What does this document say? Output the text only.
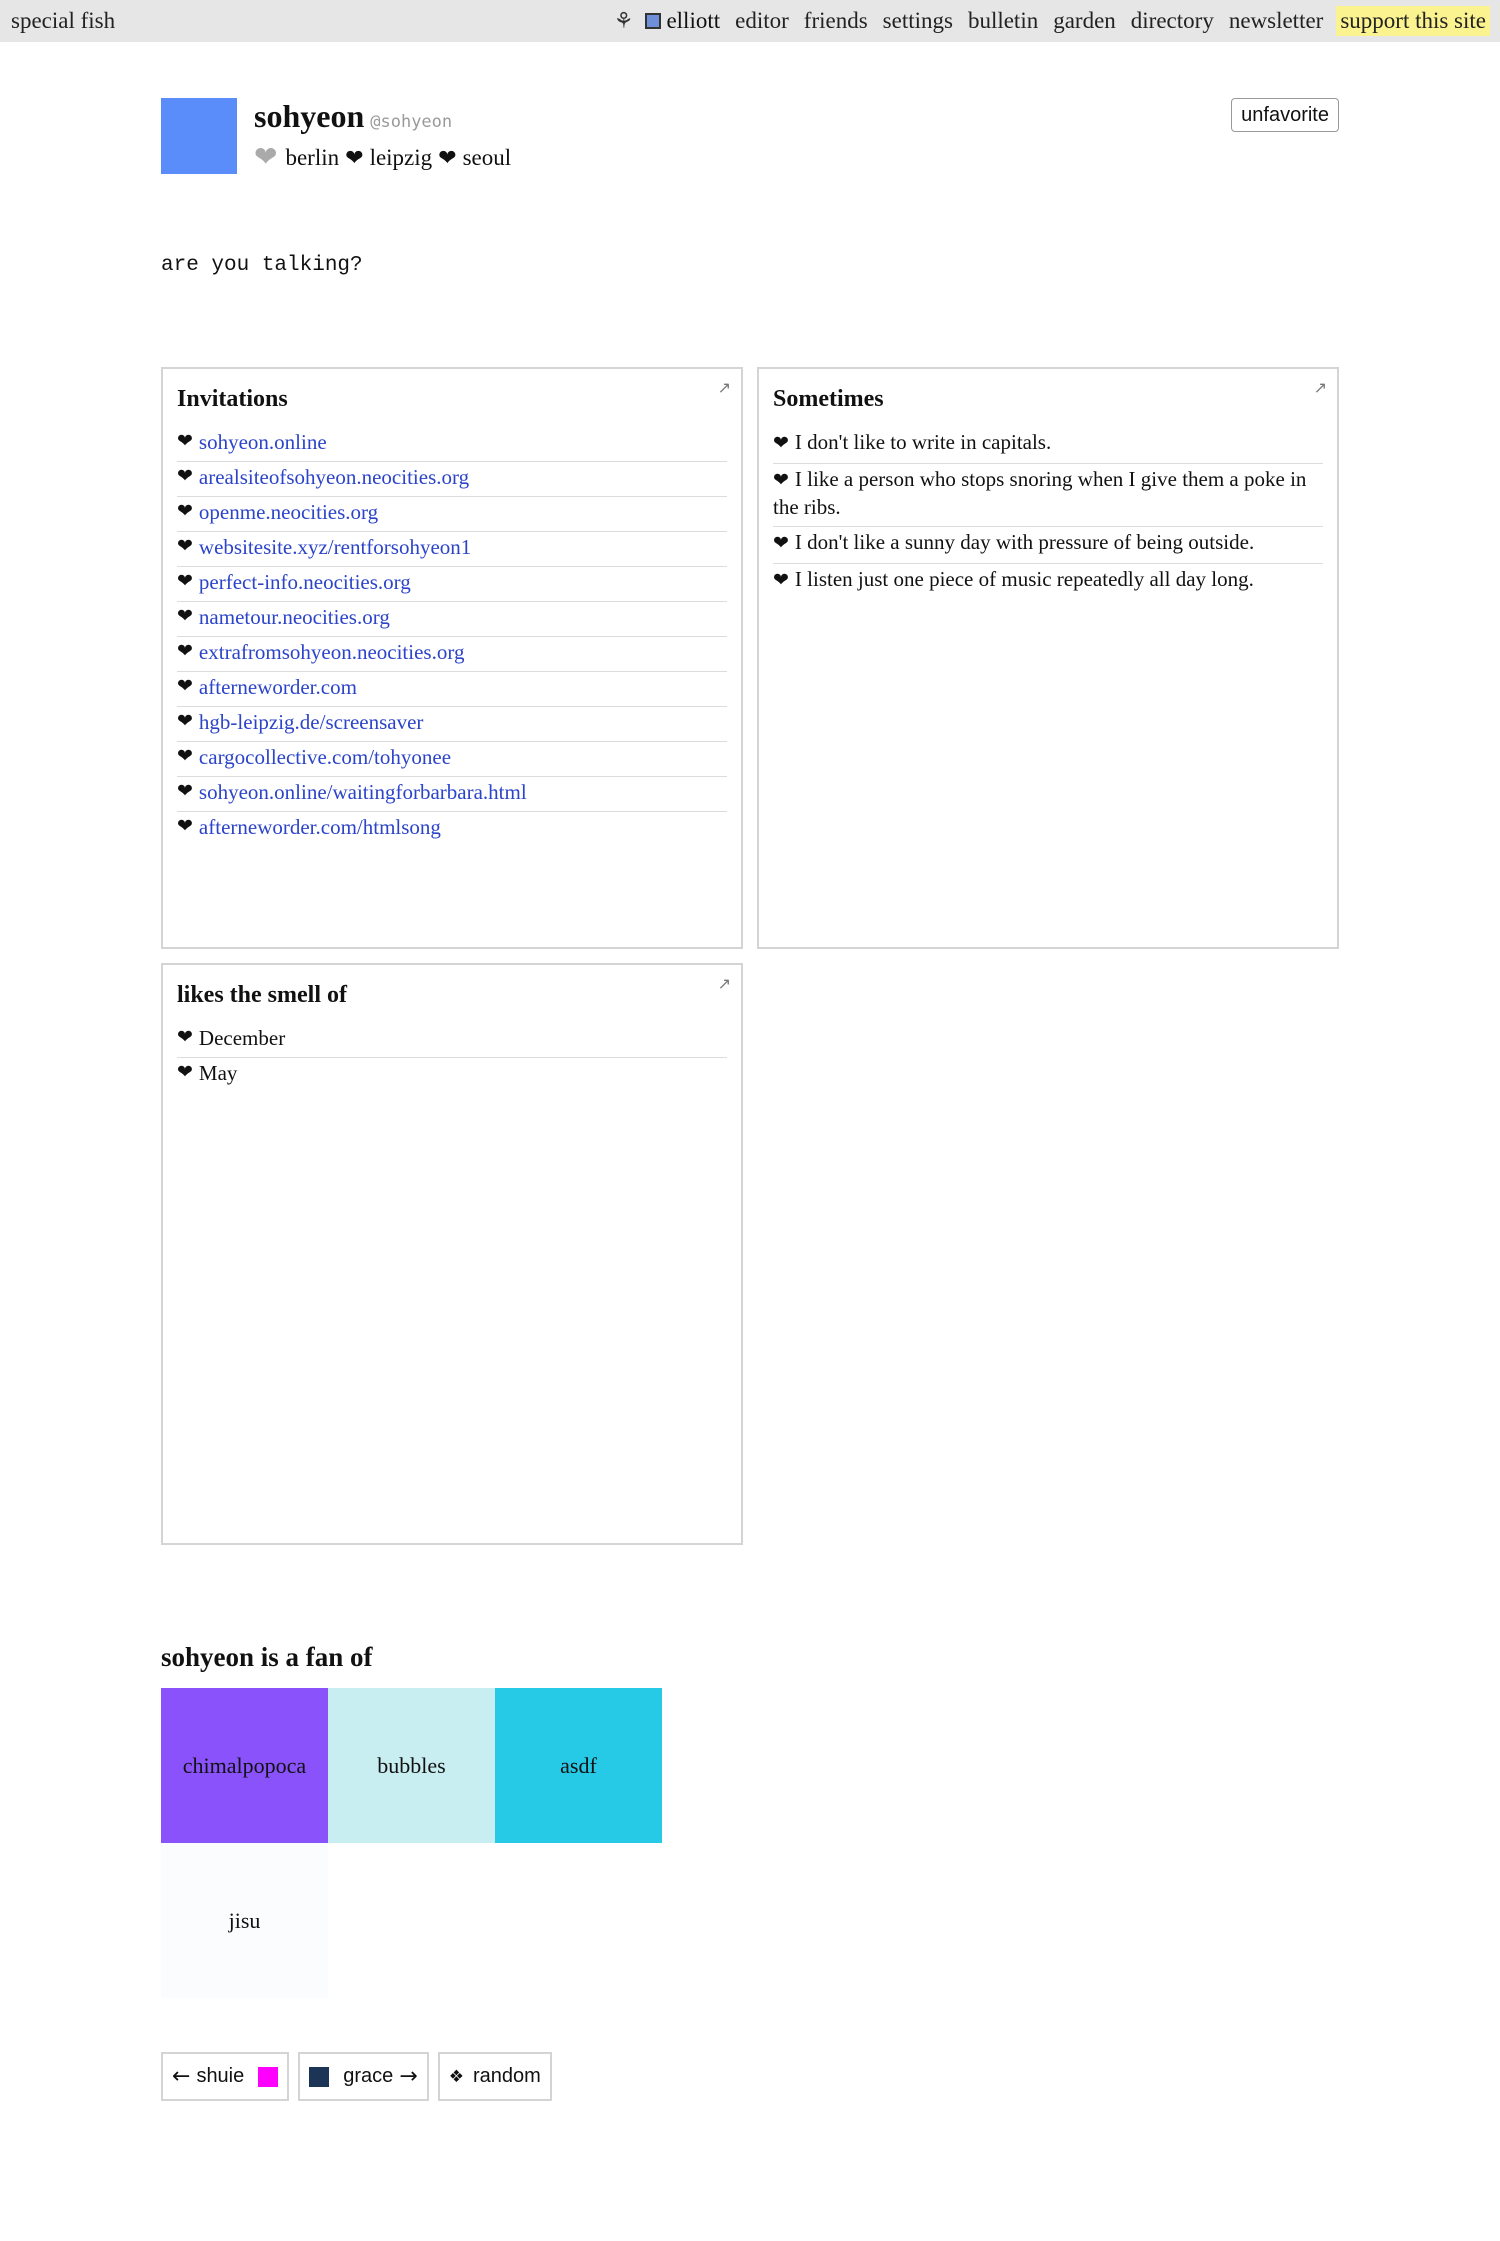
special fish	⚘ elliott editor friends settings bulletin garden directory newsletter support this site
sohyeon @sohyeon
❤ berlin ❤ leipzig ❤ seoul
unfavorite
are you talking?
↗
Invitations
❤ sohyeon.online
❤ arealsiteofsohyeon.neocities.org
❤ openme.neocities.org
❤ websitesite.xyz/rentforsohyeon1
❤ perfect-info.neocities.org
❤ nametour.neocities.org
❤ extrafromsohyeon.neocities.org
❤ afterneworder.com
❤ hgb-leipzig.de/screensaver
❤ cargocollective.com/tohyonee
❤ sohyeon.online/waitingforbarbara.html
❤ afterneworder.com/htmlsong
↗
Sometimes
❤ I don't like to write in capitals.
❤ I like a person who stops snoring when I give them a poke in the ribs.
❤ I don't like a sunny day with pressure of being outside.
❤ I listen just one piece of music repeatedly all day long.
↗
likes the smell of
❤ December
❤ May
sohyeon is a fan of
chimalpopoca	bubbles	asdf
jisu
← shuie	grace → ❖ random
